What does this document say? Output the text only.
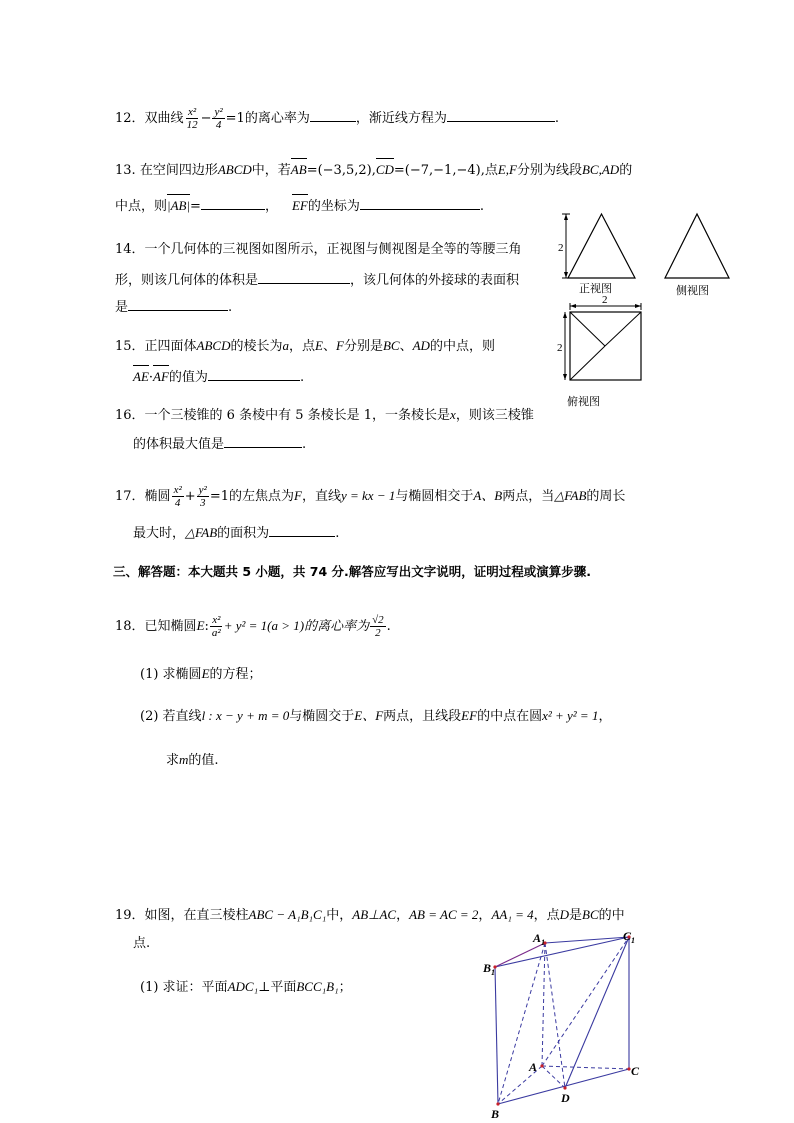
12．双曲线 $\frac{\text{x²}}{12} - \frac{\text{y²}}{4} =1$的离心率为	，渐近线方程为	.
13. 在空间四边形ABCD中，若AB=(−3,5,2),CD=(−7,−1,−4),点E,F分别为线段BC,AD的
中点，则|AB|=	， EF的坐标为	.
14．一个几何体的三视图如图所示，正视图与侧视图是全等的等腰三角
形，则该几何体的体积是	，该几何体的外接球的表面积
是	.
2
正视图	侧视图
2
2
俯视图
15．正四面体ABCD的棱长为a，点E、F分别是BC、AD的中点，则
AE·AF的值为	.
16．一个三棱锥的 6 条棱中有 5 条棱长是 1，一条棱长是x，则该三棱锥
的体积最大值是	.
17．椭圆 $\frac{\text{x²}}{4} + \frac{\text{y²}}{3} =1$的左焦点为F，直线y = kx − 1与椭圆相交于A、B两点，当△FAB的周长
最大时，△FAB的面积为	.
三、解答题：本大题共 5 小题，共 74 分.解答应写出文字说明，证明过程或演算步骤.
18．已知椭圆E: $\frac{\text{x²}}{\text{a²}} + y^2 = 1(a > 1)$的离心率为 $\frac{√2}{2}$ .
(1) 求椭圆E的方程；
(2) 若直线l : x − y + m = 0与椭圆交于E、F两点，且线段EF的中点在圆x² + y² = 1，
求m的值.
19．如图，在直三棱柱ABC − A₁B₁C₁中，AB⊥AC，AB = AC = 2，AA₁ = 4，点D是BC的中
点.
(1) 求证：平面ADC₁⊥平面BCC₁B₁；
$A_1$	$C_1$
$B_1$
A	C
B
D
